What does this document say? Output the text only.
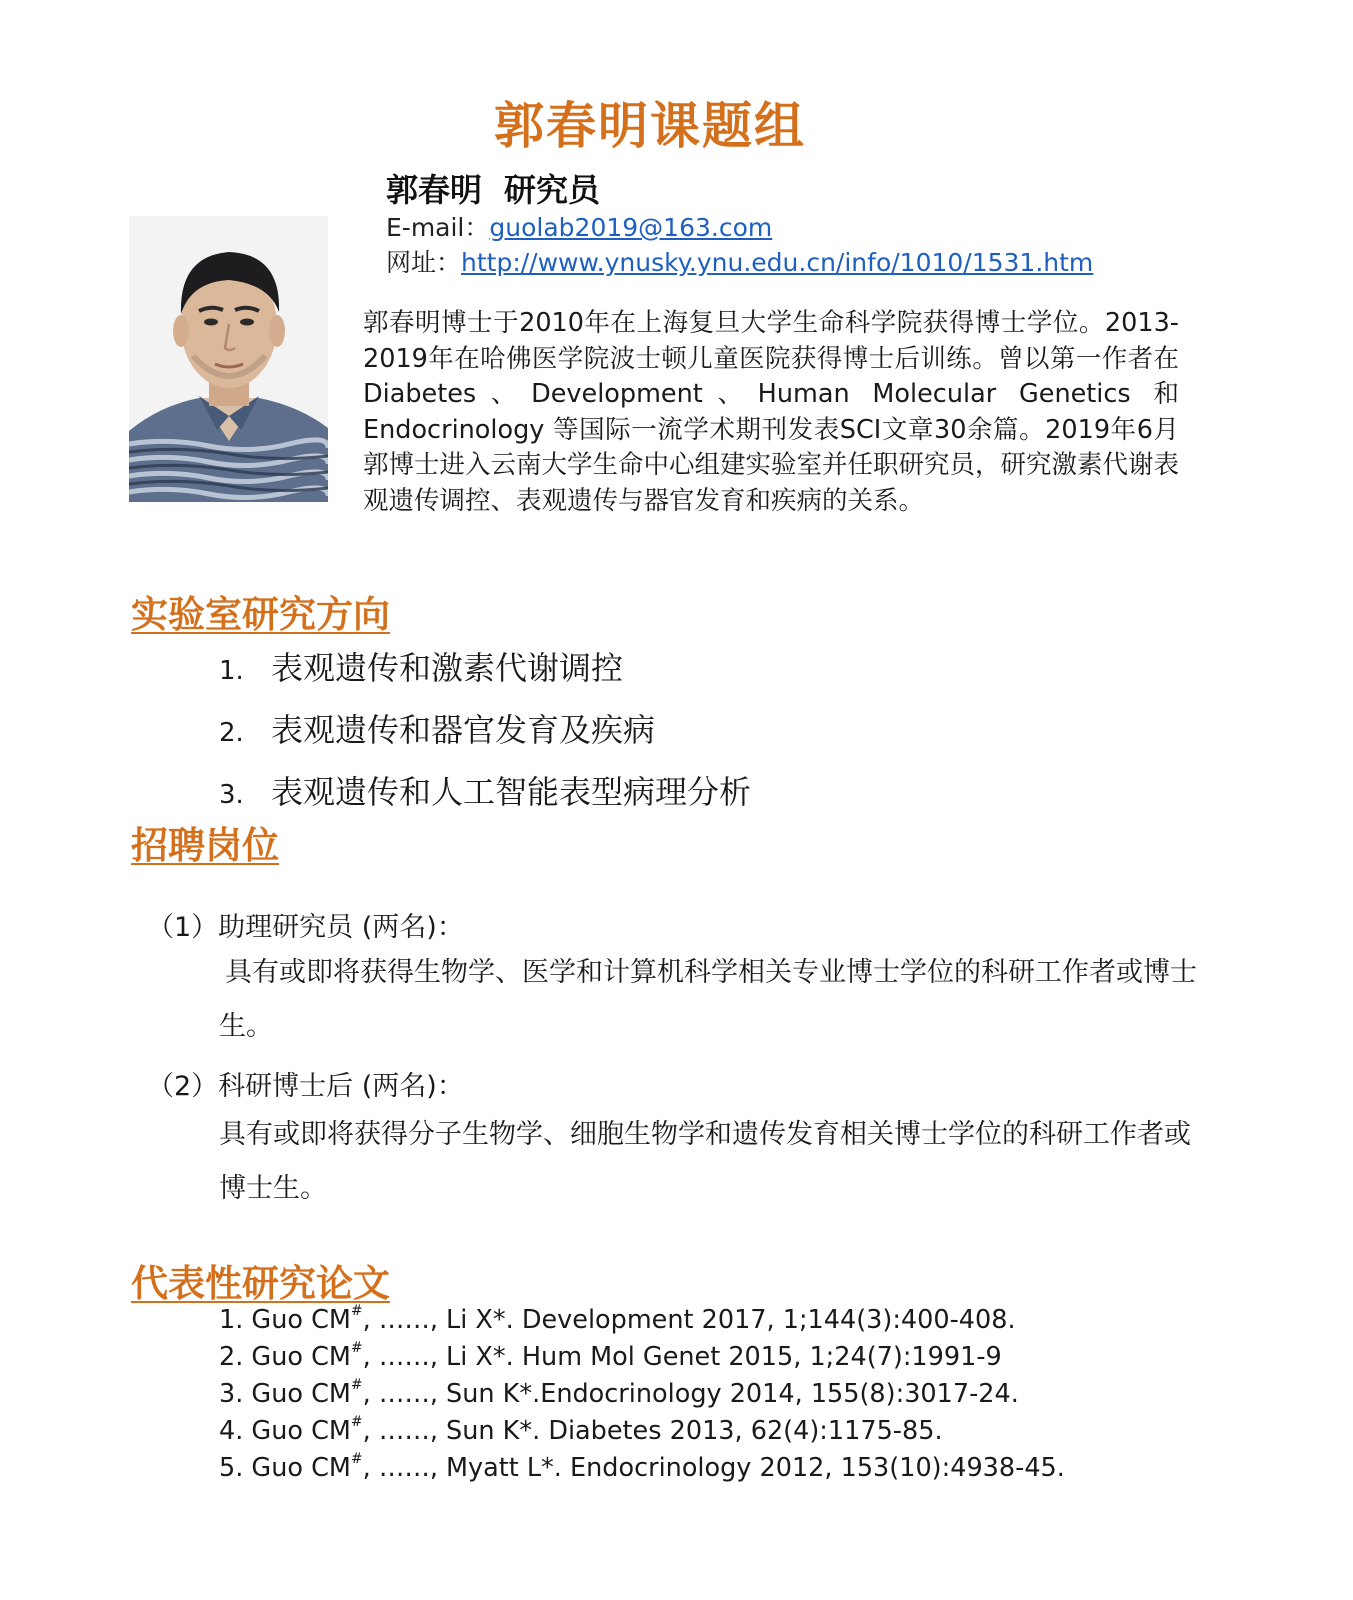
郭春明课题组
郭春明 研究员
E-mail：guolab2019@163.com
网址：http://www.ynusky.ynu.edu.cn/info/1010/1531.htm
郭春明博士于2010年在上海复旦大学生命科学院获得博士学位。2013-2019年在哈佛医学院波士顿儿童医院获得博士后训练。曾以第一作者在Diabetes、Development、Human Molecular Genetics 和 Endocrinology 等国际一流学术期刊发表SCI文章30余篇。2019年6月郭博士进入云南大学生命中心组建实验室并任职研究员，研究激素代谢表观遗传调控、表观遗传与器官发育和疾病的关系。
实验室研究方向
1. 表观遗传和激素代谢调控
2. 表观遗传和器官发育及疾病
3. 表观遗传和人工智能表型病理分析
招聘岗位
（1）助理研究员 (两名)：
具有或即将获得生物学、医学和计算机科学相关专业博士学位的科研工作者或博士生。
（2）科研博士后 (两名)：
具有或即将获得分子生物学、细胞生物学和遗传发育相关博士学位的科研工作者或博士生。
代表性研究论文
1. Guo CM#, ……, Li X*. Development 2017, 1;144(3):400-408.
2. Guo CM#, ……, Li X*. Hum Mol Genet 2015, 1;24(7):1991-9
3. Guo CM#, ……, Sun K*.Endocrinology 2014, 155(8):3017-24.
4. Guo CM#, ……, Sun K*. Diabetes 2013, 62(4):1175-85.
5. Guo CM#, ……, Myatt L*. Endocrinology 2012, 153(10):4938-45.
